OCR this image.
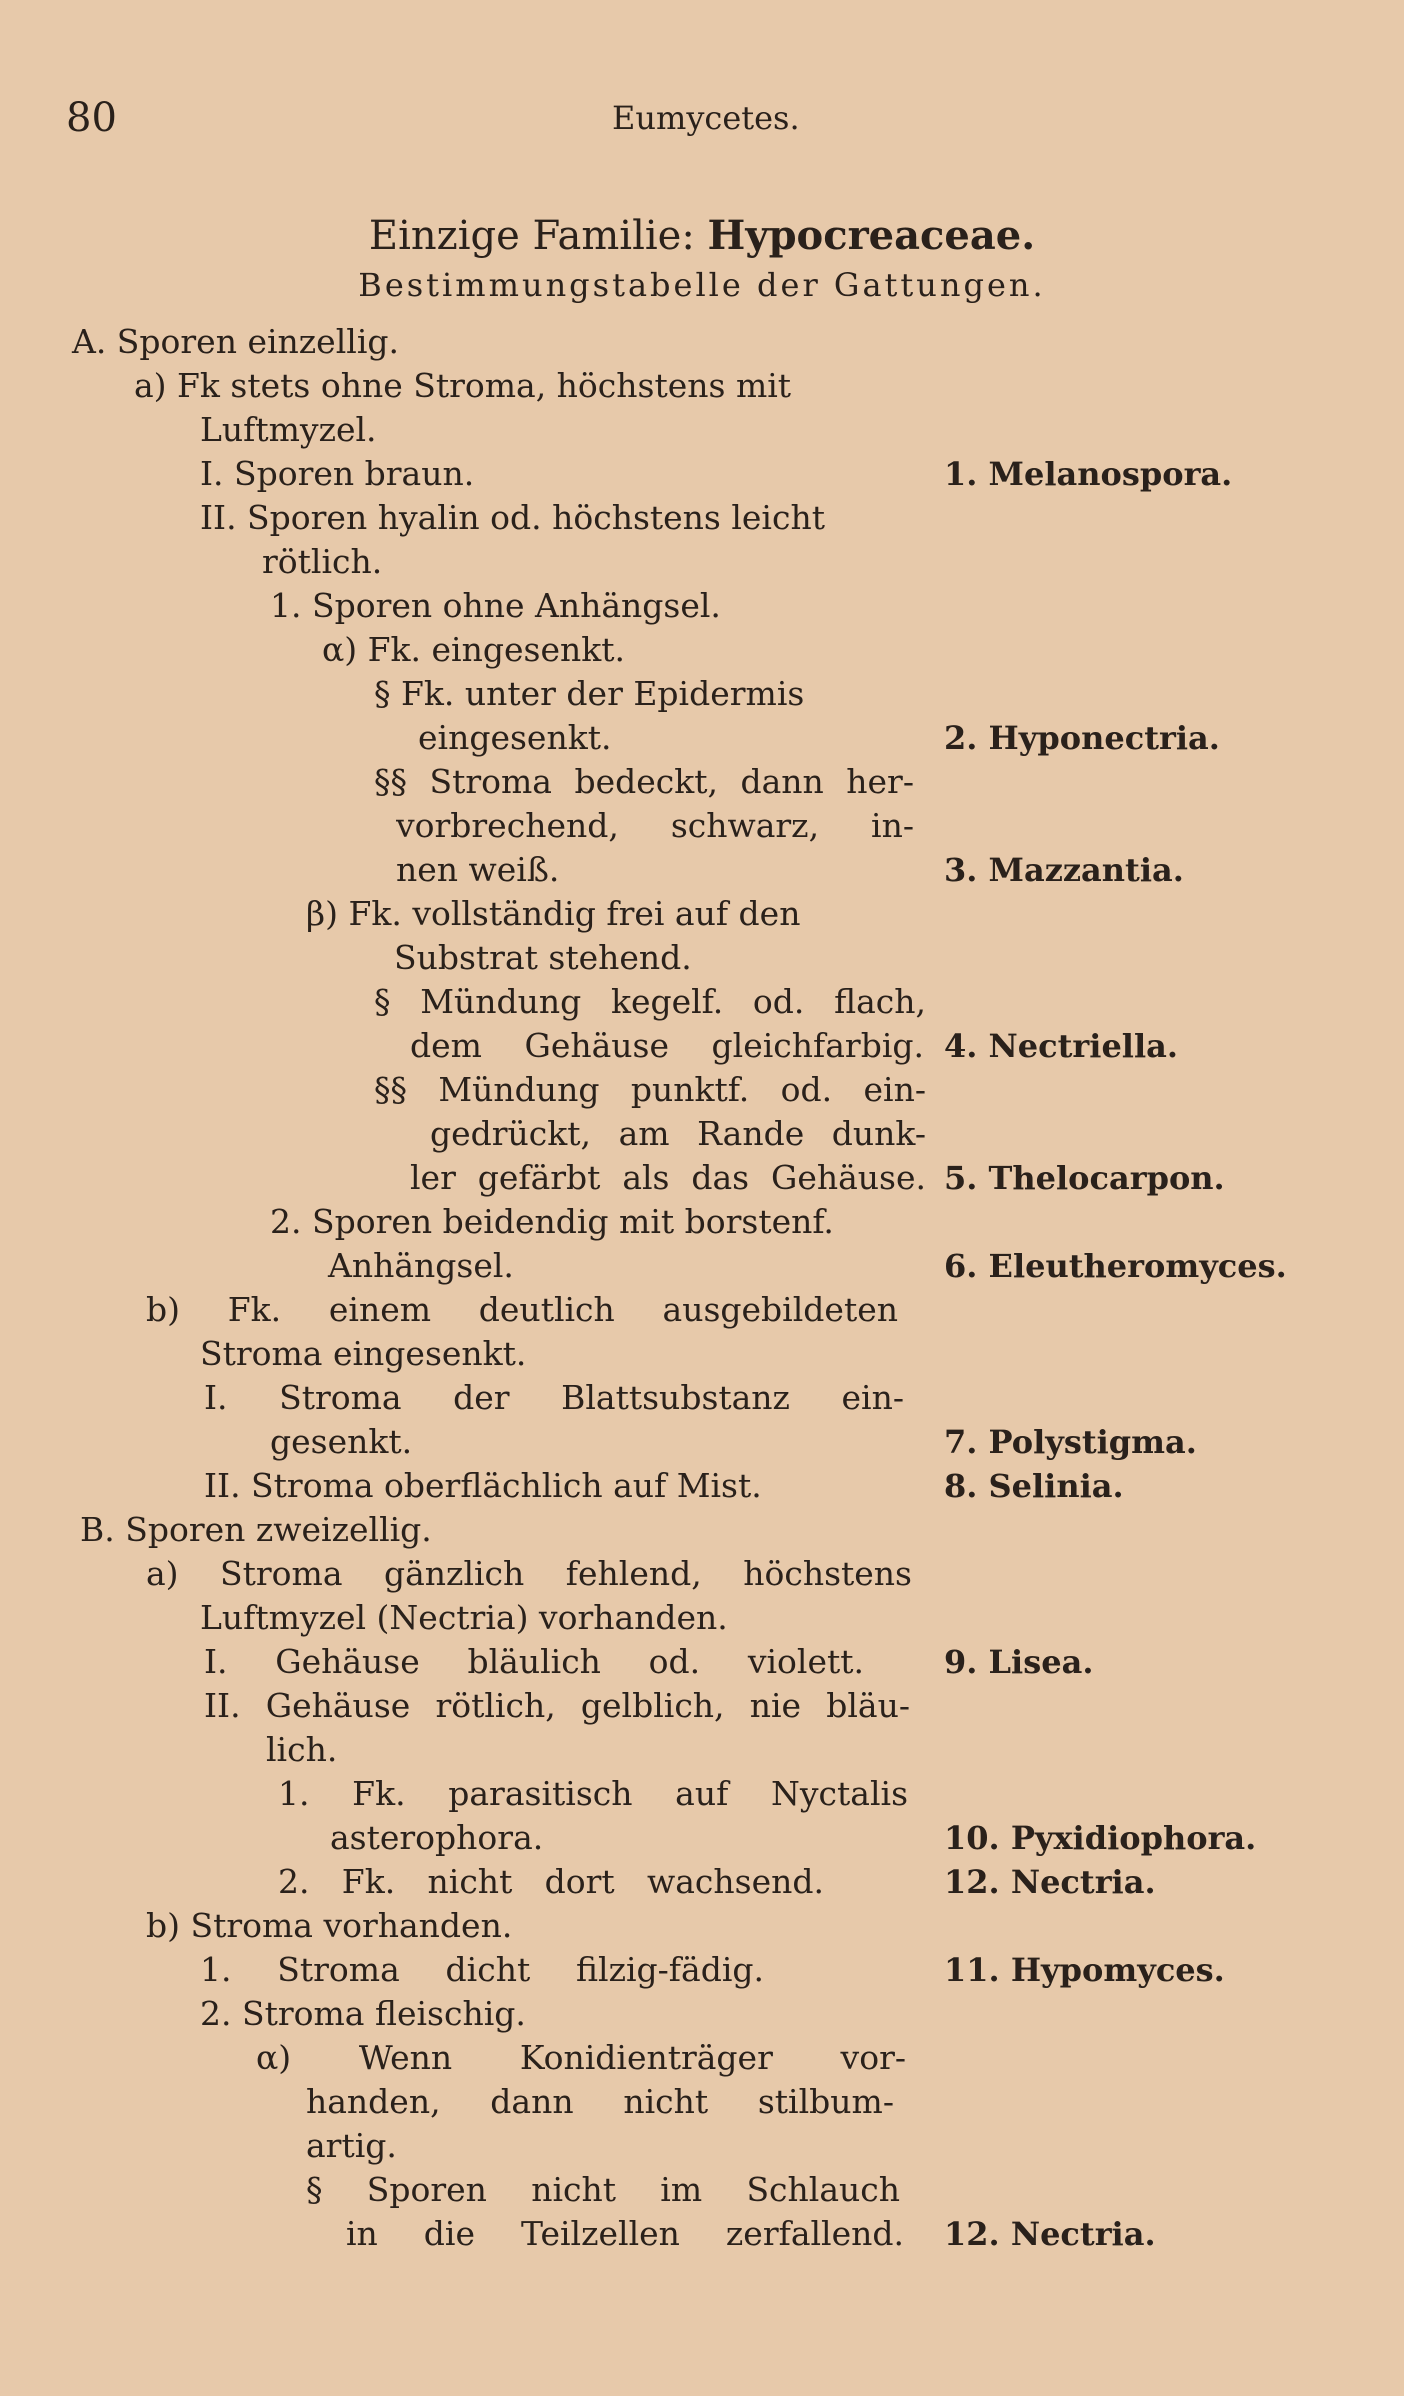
80	Eumycetes.
Einzige Familie: Hypocreaceae.
Bestimmungstabelle der Gattungen.
A. Sporen einzellig.
a) Fk stets ohne Stroma, höchstens mit
Luftmyzel.
I. Sporen braun.	1. Melanospora.
II. Sporen hyalin od. höchstens leicht
rötlich.
1. Sporen ohne Anhängsel.
α) Fk. eingesenkt.
§ Fk. unter der Epidermis
eingesenkt.	2. Hyponectria.
§§ Stroma bedeckt, dann her-
vorbrechend, schwarz, in-
nen weiß.	3. Mazzantia.
β) Fk. vollständig frei auf den
Substrat stehend.
§ Mündung kegelf. od. flach,
dem Gehäuse gleichfarbig. 4. Nectriella.
§§ Mündung punktf. od. ein-
gedrückt, am Rande dunk-
ler gefärbt als das Gehäuse. 5. Thelocarpon.
2. Sporen beidendig mit borstenf.
Anhängsel.	6. Eleutheromyces.
b) Fk. einem deutlich ausgebildeten
Stroma eingesenkt.
I. Stroma der Blattsubstanz ein-
gesenkt.	7. Polystigma.
II. Stroma oberflächlich auf Mist.	8. Selinia.
B. Sporen zweizellig.
a) Stroma gänzlich fehlend, höchstens
Luftmyzel (Nectria) vorhanden.
I. Gehäuse bläulich od. violett.	9. Lisea.
II. Gehäuse rötlich, gelblich, nie bläu-
lich.
1. Fk. parasitisch auf Nyctalis
asterophora.	10. Pyxidiophora.
2. Fk. nicht dort wachsend.	12. Nectria.
b) Stroma vorhanden.
1. Stroma dicht filzig-fädig.	11. Hypomyces.
2. Stroma fleischig.
α) Wenn Konidienträger vor-
handen, dann nicht stilbum-
artig.
§ Sporen nicht im Schlauch
in die Teilzellen zerfallend. 12. Nectria.
